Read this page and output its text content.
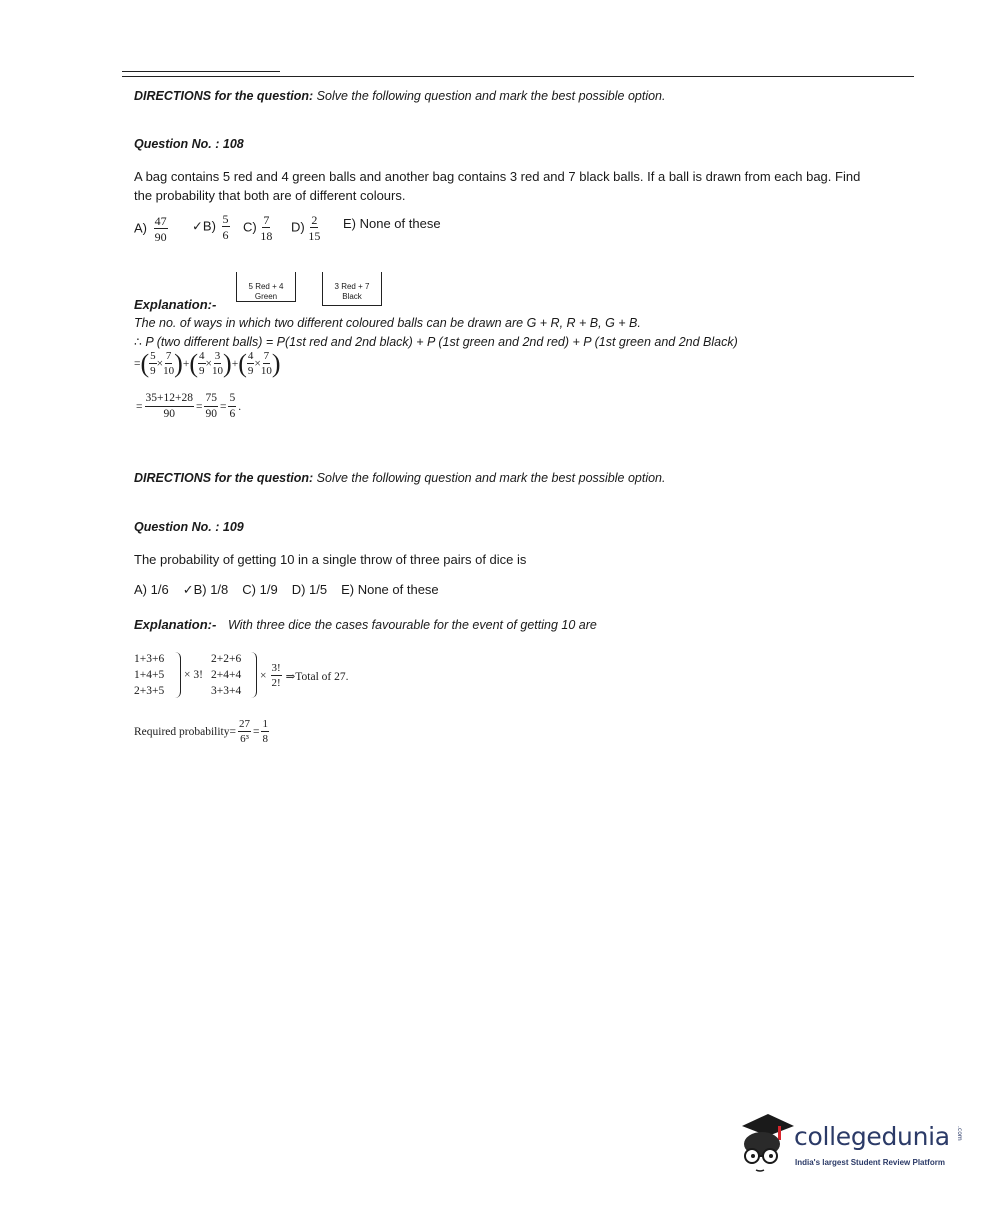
DIRECTIONS for the question: Solve the following question and mark the best possible option.
Question No. : 108
A bag contains 5 red and 4 green balls and another bag contains 3 red and 7 black balls. If a ball is drawn from each bag. Find
the probability that both are of different colours.
$A) \frac{47}{90}$ ✓B) $\frac{5}{6} C) \frac{7}{18} D) \frac{2}{15} E$) None of these
5 Red + 4
Green
3 Red + 7
Black
Explanation:-
The no. of ways in which two different coloured balls can be drawn are G + R, R + B, G + B.
∴ P (two different balls) = P(1st red and 2nd black) + P (1st green and 2nd red) + P (1st green and 2nd Black)
= ( $\frac{5}{9} \times \frac{7}{10}$ ) + ( $\frac{4}{9} \times \frac{3}{10}$ ) + ( $\frac{4}{9} \times \frac{7}{10}$ )
= $\frac{35+12+28}{90} = \frac{75}{90} = \frac{5}{6}$ .
DIRECTIONS for the question: Solve the following question and mark the best possible option.
Question No. : 109
The probability of getting 10 in a single throw of three pairs of dice is
A) 1/6 ✓B) 1/8 C) 1/9 D) 1/5 E) None of these
Explanation:- With three dice the cases favourable for the event of getting 10 are
1+3+6
1+4+5
2+3+5
× 3!
2+2+6
2+4+4
3+3+4
× $\frac{3!}{2!}$ ⇒Total of 27.
Required probability= $\frac{27}{\text{6³}} = \frac{1}{8}$
collegedunia .com
India's largest Student Review Platform
